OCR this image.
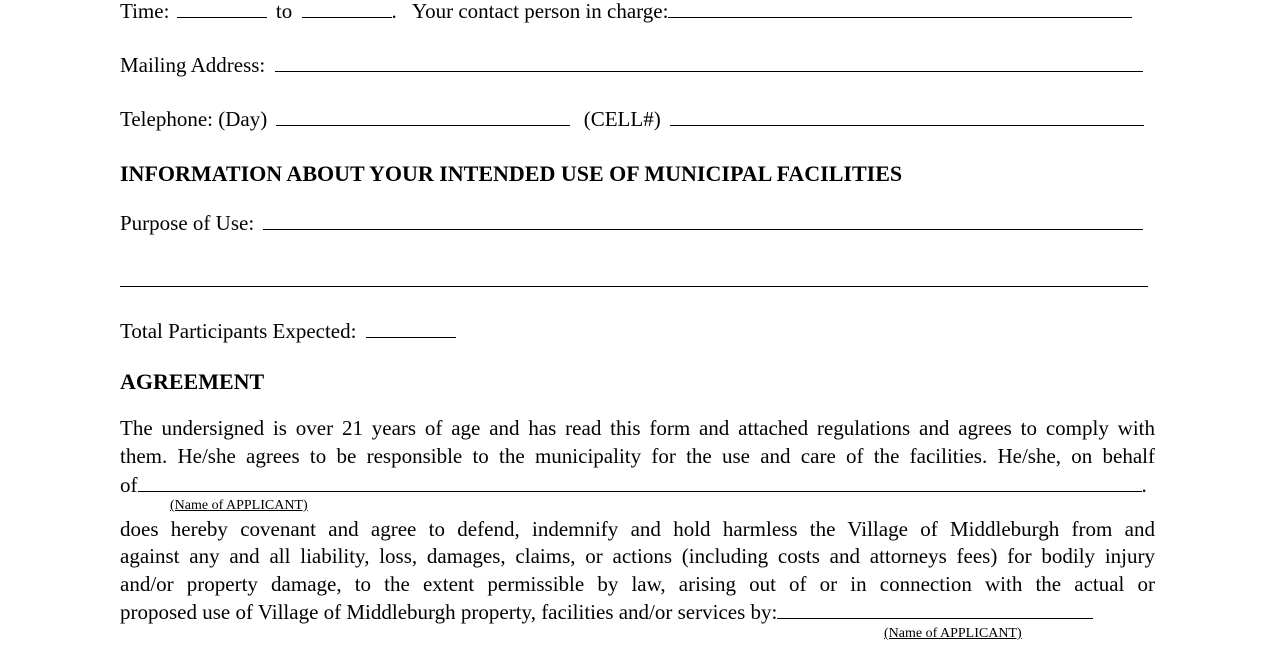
Time:	to	. Your contact person in charge:
Mailing Address:
Telephone: (Day)	(CELL#)
INFORMATION ABOUT YOUR INTENDED USE OF MUNICIPAL FACILITIES
Purpose of Use:
Total Participants Expected:
AGREEMENT
The undersigned is over 21 years of age and has read this form and attached regulations and agrees to comply with
them. He/she agrees to be responsible to the municipality for the use and care of the facilities. He/she, on behalf
of	.
(Name of APPLICANT)
does hereby covenant and agree to defend, indemnify and hold harmless the Village of Middleburgh from and
against any and all liability, loss, damages, claims, or actions (including costs and attorneys fees) for bodily injury
and/or property damage, to the extent permissible by law, arising out of or in connection with the actual or
proposed use of Village of Middleburgh property, facilities and/or services by:
(Name of APPLICANT)
